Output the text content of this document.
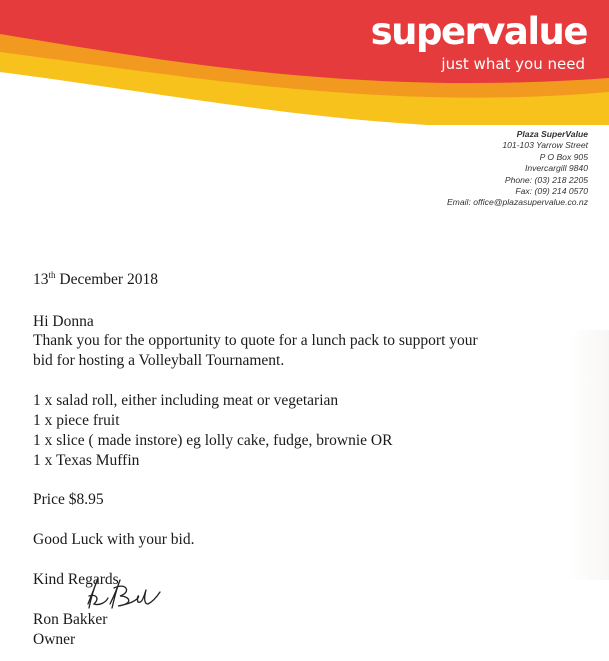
supervalue
just what you need
Plaza SuperValue
101-103 Yarrow Street
P O Box 905
Invercargill 9840
Phone: (03) 218 2205
Fax: (09) 214 0570
Email: office@plazasupervalue.co.nz
13th December 2018
Hi Donna
Thank you for the opportunity to quote for a lunch pack to support your
bid for hosting a Volleyball Tournament.
1 x salad roll, either including meat or vegetarian
1 x piece fruit
1 x slice ( made instore) eg lolly cake, fudge, brownie OR
1 x Texas Muffin
Price $8.95
Good Luck with your bid.
Kind Regards
Ron Bakker
Owner
